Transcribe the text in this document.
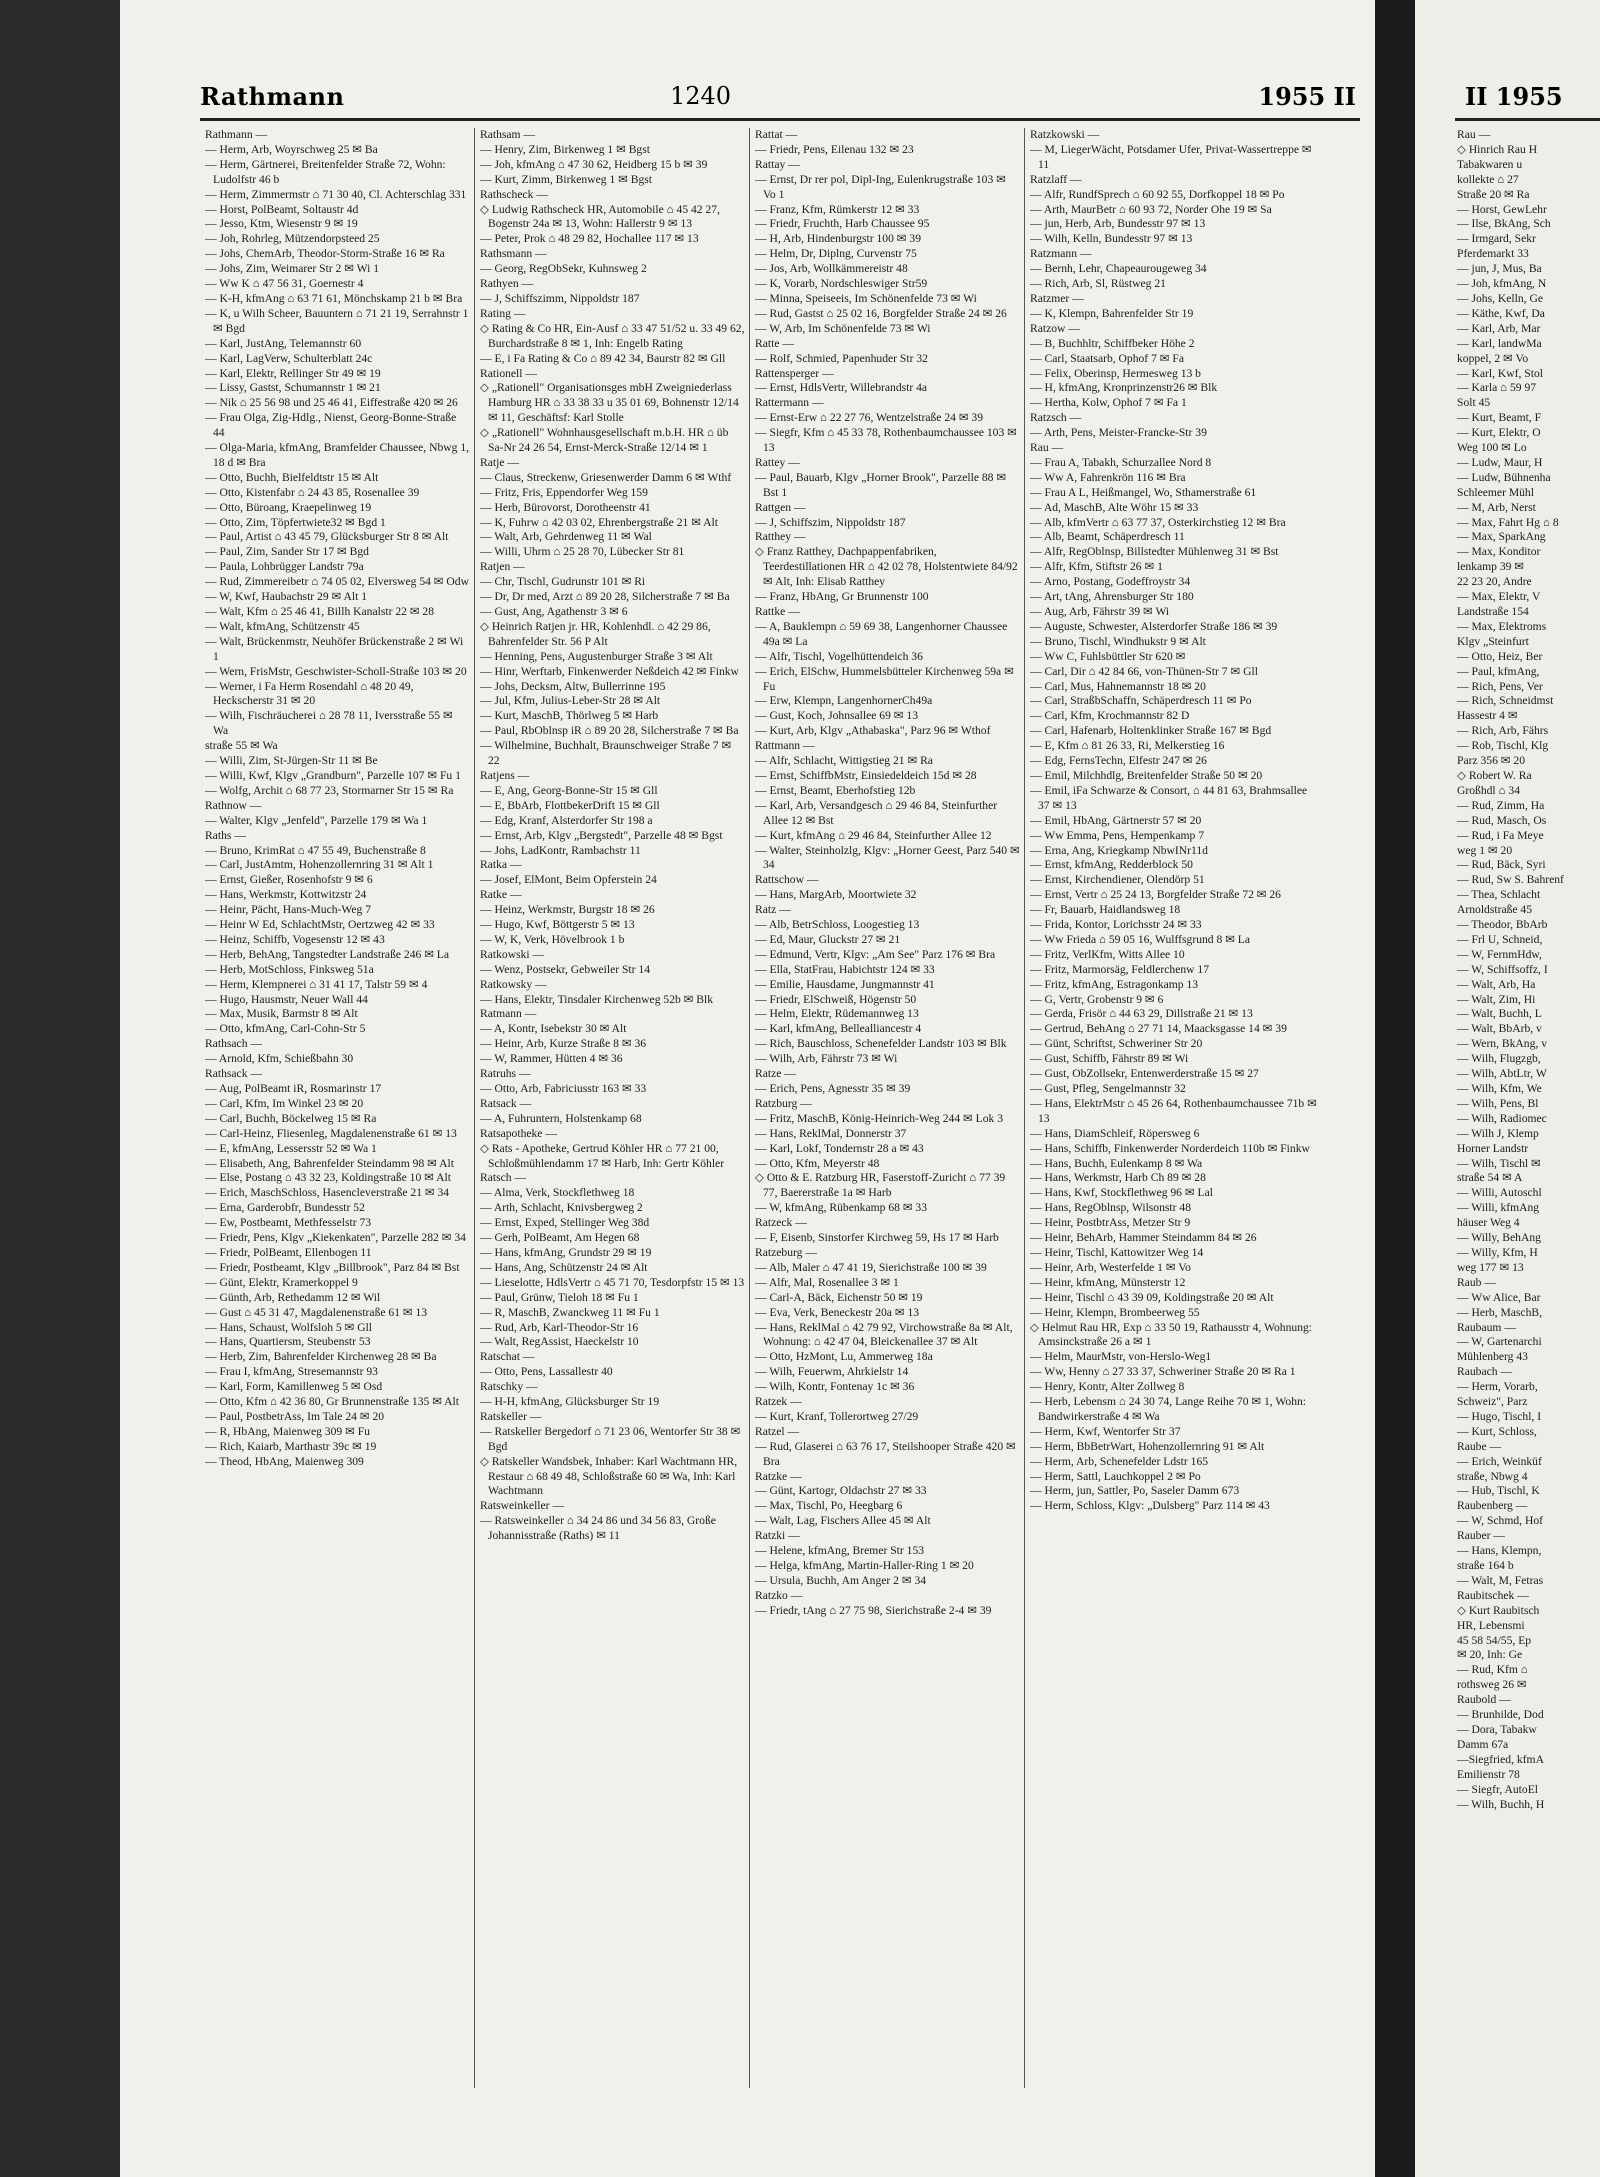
Rathmann	1240	1955 II

Rathmann —

— Herm, Arb, Woyrschweg 25 ✉ Ba

— Herm, Gärtnerei, Breitenfelder Straße 72, Wohn: Ludolfstr 46 b

— Herm, Zimmermstr ⌂ 71 30 40, Cl. Achterschlag 331

— Horst, PolBeamt, Soltaustr 4d

— Jesso, Ktm, Wiesenstr 9 ✉ 19

— Joh, Rohrleg, Mützendorpsteed 25

— Johs, ChemArb, Theodor-Storm-Straße 16 ✉ Ra

— Johs, Zim, Weimarer Str 2 ✉ Wi 1

— Ww K ⌂ 47 56 31, Goernestr 4

— K-H, kfmAng ⌂ 63 71 61, Mönchskamp 21 b ✉ Bra

— K, u Wilh Scheer, Bauuntern ⌂ 71 21 19, Serrahnstr 1 ✉ Bgd

— Karl, JustAng, Telemannstr 60

— Karl, LagVerw, Schulterblatt 24c

— Karl, Elektr, Rellinger Str 49 ✉ 19

— Lissy, Gastst, Schumannstr 1 ✉ 21

— Nik ⌂ 25 56 98 und 25 46 41, Eiffestraße 420 ✉ 26

— Frau Olga, Zig-Hdlg., Nienst, Georg-Bonne-Straße 44

— Olga-Maria, kfmAng, Bramfelder Chaussee, Nbwg 1, 18 d ✉ Bra

— Otto, Buchh, Bielfeldtstr 15 ✉ Alt

— Otto, Kistenfabr ⌂ 24 43 85, Rosenallee 39

— Otto, Büroang, Kraepelinweg 19

— Otto, Zim, Töpfertwiete32 ✉ Bgd 1

— Paul, Artist ⌂ 43 45 79, Glücksburger Str 8 ✉ Alt

— Paul, Zim, Sander Str 17 ✉ Bgd

— Paula, Lohbrügger Landstr 79a

— Rud, Zimmereibetr ⌂ 74 05 02, Elversweg 54 ✉ Odw

— W, Kwf, Haubachstr 29 ✉ Alt 1

— Walt, Kfm ⌂ 25 46 41, Billh Kanalstr 22 ✉ 28

— Walt, kfmAng, Schützenstr 45

— Walt, Brückenmstr, Neuhöfer Brückenstraße 2 ✉ Wi 1

— Wern, FrisMstr, Geschwister-Scholl-Straße 103 ✉ 20

— Werner, i Fa Herm Rosendahl ⌂ 48 20 49, Heckscherstr 31 ✉ 20

— Wilh, Fischräucherei ⌂ 28 78 11, Iversstraße 55 ✉ Wa

straße 55 ✉ Wa

— Willi, Zim, St-Jürgen-Str 11 ✉ Be

— Willi, Kwf, Klgv „Grandburn", Parzelle 107 ✉ Fu 1

— Wolfg, Archit ⌂ 68 77 23, Stormarner Str 15 ✉ Ra

Rathnow —

— Walter, Klgv „Jenfeld", Parzelle 179 ✉ Wa 1

Raths —

— Bruno, KrimRat ⌂ 47 55 49, Buchenstraße 8

— Carl, JustAmtm, Hohenzollernring 31 ✉ Alt 1

— Ernst, Gießer, Rosenhofstr 9 ✉ 6

— Hans, Werkmstr, Kottwitzstr 24

— Heinr, Pächt, Hans-Much-Weg 7

— Heinr W Ed, SchlachtMstr, Oertzweg 42 ✉ 33

— Heinz, Schiffb, Vogesenstr 12 ✉ 43

— Herb, BehAng, Tangstedter Landstraße 246 ✉ La

— Herb, MotSchloss, Finksweg 51a

— Herm, Klempnerei ⌂ 31 41 17, Talstr 59 ✉ 4

— Hugo, Hausmstr, Neuer Wall 44

— Max, Musik, Barmstr 8 ✉ Alt

— Otto, kfmAng, Carl-Cohn-Str 5

Rathsach —

— Arnold, Kfm, Schießbahn 30

Rathsack —

— Aug, PolBeamt iR, Rosmarinstr 17

— Carl, Kfm, Im Winkel 23 ✉ 20

— Carl, Buchh, Böckelweg 15 ✉ Ra

— Carl-Heinz, Fliesenleg, Magdalenenstraße 61 ✉ 13

— E, kfmAng, Lessersstr 52 ✉ Wa 1

— Elisabeth, Ang, Bahrenfelder Steindamm 98 ✉ Alt

— Else, Postang ⌂ 43 32 23, Koldingstraße 10 ✉ Alt

— Erich, MaschSchloss, Hasencleverstraße 21 ✉ 34

— Erna, Garderobfr, Bundesstr 52

— Ew, Postbeamt, Methfesselstr 73

— Friedr, Pens, Klgv „Kiekenkaten", Parzelle 282 ✉ 34

— Friedr, PolBeamt, Ellenbogen 11

— Friedr, Postbeamt, Klgv „Billbrook", Parz 84 ✉ Bst

— Günt, Elektr, Kramerkoppel 9

— Günth, Arb, Rethedamm 12 ✉ Wil

— Gust ⌂ 45 31 47, Magdalenenstraße 61 ✉ 13

— Hans, Schaust, Wolfsloh 5 ✉ Gll

— Hans, Quartiersm, Steubenstr 53

— Herb, Zim, Bahrenfelder Kirchenweg 28 ✉ Ba

— Frau I, kfmAng, Stresemannstr 93

— Karl, Form, Kamillenweg 5 ✉ Osd

— Otto, Kfm ⌂ 42 36 80, Gr Brunnenstraße 135 ✉ Alt

— Paul, PostbetrAss, Im Tale 24 ✉ 20

— R, HbAng, Maienweg 309 ✉ Fu

— Rich, Kaiarb, Marthastr 39c ✉ 19

— Theod, HbAng, Maienweg 309

Rathsam —

— Henry, Zim, Birkenweg 1 ✉ Bgst

— Joh, kfmAng ⌂ 47 30 62, Heidberg 15 b ✉ 39

— Kurt, Zimm, Birkenweg 1 ✉ Bgst

Rathscheck —

◇ Ludwig Rathscheck HR, Automobile ⌂ 45 42 27, Bogenstr 24a ✉ 13, Wohn: Hallerstr 9 ✉ 13

— Peter, Prok ⌂ 48 29 82, Hochallee 117 ✉ 13

Rathsmann —

— Georg, RegObSekr, Kuhnsweg 2

Rathyen —

— J, Schiffszimm, Nippoldstr 187

Rating —

◇ Rating & Co HR, Ein-Ausf ⌂ 33 47 51/52 u. 33 49 62, Burchardstraße 8 ✉ 1, Inh: Engelb Rating

— E, i Fa Rating & Co ⌂ 89 42 34, Baurstr 82 ✉ Gll

Rationell —

◇ „Rationell" Organisationsges mbH Zweigniederlass Hamburg HR ⌂ 33 38 33 u 35 01 69, Bohnenstr 12/14 ✉ 11, Geschäftsf: Karl Stolle

◇ „Rationell" Wohnhausgesellschaft m.b.H. HR ⌂ üb Sa-Nr 24 26 54, Ernst-Merck-Straße 12/14 ✉ 1

Ratje —

— Claus, Streckenw, Griesenwerder Damm 6 ✉ Wthf

— Fritz, Fris, Eppendorfer Weg 159

— Herb, Bürovorst, Dorotheenstr 41

— K, Fuhrw ⌂ 42 03 02, Ehrenbergstraße 21 ✉ Alt

— Walt, Arb, Gehrdenweg 11 ✉ Wal

— Willi, Uhrm ⌂ 25 28 70, Lübecker Str 81

Ratjen —

— Chr, Tischl, Gudrunstr 101 ✉ Ri

— Dr, Dr med, Arzt ⌂ 89 20 28, Silcherstraße 7 ✉ Ba

— Gust, Ang, Agathenstr 3 ✉ 6

◇ Heinrich Ratjen jr. HR, Kohlenhdl. ⌂ 42 29 86, Bahrenfelder Str. 56 P Alt

— Henning, Pens, Augustenburger Straße 3 ✉ Alt

— Hinr, Werftarb, Finkenwerder Neßdeich 42 ✉ Finkw

— Johs, Decksm, Altw, Bullerrinne 195

— Jul, Kfm, Julius-Leber-Str 28 ✉ Alt

— Kurt, MaschB, Thörlweg 5 ✉ Harb

— Paul, RbOblnsp iR ⌂ 89 20 28, Silcherstraße 7 ✉ Ba

— Wilhelmine, Buchhalt, Braunschweiger Straße 7 ✉ 22

Ratjens —

— E, Ang, Georg-Bonne-Str 15 ✉ Gll

— E, BbArb, FlottbekerDrift 15 ✉ Gll

— Edg, Kranf, Alsterdorfer Str 198 a

— Ernst, Arb, Klgv „Bergstedt", Parzelle 48 ✉ Bgst

— Johs, LadKontr, Rambachstr 11

Ratka —

— Josef, ElMont, Beim Opferstein 24

Ratke —

— Heinz, Werkmstr, Burgstr 18 ✉ 26

— Hugo, Kwf, Böttgerstr 5 ✉ 13

— W, K, Verk, Hövelbrook 1 b

Ratkowski —

— Wenz, Postsekr, Gebweiler Str 14

Ratkowsky —

— Hans, Elektr, Tinsdaler Kirchenweg 52b ✉ Blk

Ratmann —

— A, Kontr, Isebekstr 30 ✉ Alt

— Heinr, Arb, Kurze Straße 8 ✉ 36

— W, Rammer, Hütten 4 ✉ 36

Ratruhs —

— Otto, Arb, Fabriciusstr 163 ✉ 33

Ratsack —

— A, Fuhruntern, Holstenkamp 68

Ratsapotheke —

◇ Rats - Apotheke, Gertrud Köhler HR ⌂ 77 21 00, Schloßmühlendamm 17 ✉ Harb, Inh: Gertr Köhler

Ratsch —

— Alma, Verk, Stockflethweg 18

— Arth, Schlacht, Knivsbergweg 2

— Ernst, Exped, Stellinger Weg 38d

— Gerh, PolBeamt, Am Hegen 68

— Hans, kfmAng, Grundstr 29 ✉ 19

— Hans, Ang, Schützenstr 24 ✉ Alt

— Lieselotte, HdlsVertr ⌂ 45 71 70, Tesdorpfstr 15 ✉ 13

— Paul, Grünw, Tieloh 18 ✉ Fu 1

— R, MaschB, Zwanckweg 11 ✉ Fu 1

— Rud, Arb, Karl-Theodor-Str 16

— Walt, RegAssist, Haeckelstr 10

Ratschat —

— Otto, Pens, Lassallestr 40

Ratschky —

— H-H, kfmAng, Glücksburger Str 19

Ratskeller —

— Ratskeller Bergedorf ⌂ 71 23 06, Wentorfer Str 38 ✉ Bgd

◇ Ratskeller Wandsbek, Inhaber: Karl Wachtmann HR, Restaur ⌂ 68 49 48, Schloßstraße 60 ✉ Wa, Inh: Karl Wachtmann

Ratsweinkeller —

— Ratsweinkeller ⌂ 34 24 86 und 34 56 83, Große Johannisstraße (Raths) ✉ 11

Rattat —

— Friedr, Pens, Eilenau 132 ✉ 23

Rattay —

— Ernst, Dr rer pol, Dipl-Ing, Eulenkrugstraße 103 ✉ Vo 1

— Franz, Kfm, Rümkerstr 12 ✉ 33

— Friedr, Fruchth, Harb Chaussee 95

— H, Arb, Hindenburgstr 100 ✉ 39

— Helm, Dr, Diplng, Curvenstr 75

— Jos, Arb, Wollkämmereistr 48

— K, Vorarb, Nordschleswiger Str59

— Minna, Speiseeis, Im Schönenfelde 73 ✉ Wi

— Rud, Gastst ⌂ 25 02 16, Borgfelder Straße 24 ✉ 26

— W, Arb, Im Schönenfelde 73 ✉ Wi

Ratte —

— Rolf, Schmied, Papenhuder Str 32

Rattensperger —

— Ernst, HdlsVertr, Willebrandstr 4a

Rattermann —

— Ernst-Erw ⌂ 22 27 76, Wentzelstraße 24 ✉ 39

— Siegfr, Kfm ⌂ 45 33 78, Rothenbaumchaussee 103 ✉ 13

Rattey —

— Paul, Bauarb, Klgv „Horner Brook", Parzelle 88 ✉ Bst 1

Rattgen —

— J, Schiffszim, Nippoldstr 187

Ratthey —

◇ Franz Ratthey, Dachpappenfabriken, Teerdestillationen HR ⌂ 42 02 78, Holstentwiete 84/92 ✉ Alt, Inh: Elisab Ratthey

— Franz, HbAng, Gr Brunnenstr 100

Rattke —

— A, Bauklempn ⌂ 59 69 38, Langenhorner Chaussee 49a ✉ La

— Alfr, Tischl, Vogelhüttendeich 36

— Erich, ElSchw, Hummelsbütteler Kirchenweg 59a ✉ Fu

— Erw, Klempn, LangenhornerCh49a

— Gust, Koch, Johnsallee 69 ✉ 13

— Kurt, Arb, Klgv „Athabaska", Parz 96 ✉ Wthof

Rattmann —

— Alfr, Schlacht, Wittigstieg 21 ✉ Ra

— Ernst, SchiffbMstr, Einsiedeldeich 15d ✉ 28

— Ernst, Beamt, Eberhofstieg 12b

— Karl, Arb, Versandgesch ⌂ 29 46 84, Steinfurther Allee 12 ✉ Bst

— Kurt, kfmAng ⌂ 29 46 84, Steinfurther Allee 12

— Walter, Steinholzlg, Klgv: „Horner Geest, Parz 540 ✉ 34

Rattschow —

— Hans, MargArb, Moortwiete 32

Ratz —

— Alb, BetrSchloss, Loogestieg 13

— Ed, Maur, Gluckstr 27 ✉ 21

— Edmund, Vertr, Klgv: „Am See" Parz 176 ✉ Bra

— Ella, StatFrau, Habichtstr 124 ✉ 33

— Emilie, Hausdame, Jungmannstr 41

— Friedr, ElSchweiß, Högenstr 50

— Helm, Elektr, Rüdemannweg 13

— Karl, kfmAng, Bellealliancestr 4

— Rich, Bauschloss, Schenefelder Landstr 103 ✉ Blk

— Wilh, Arb, Fährstr 73 ✉ Wi

Ratze —

— Erich, Pens, Agnesstr 35 ✉ 39

Ratzburg —

— Fritz, MaschB, König-Heinrich-Weg 244 ✉ Lok 3

— Hans, ReklMal, Donnerstr 37

— Karl, Lokf, Tondernstr 28 a ✉ 43

— Otto, Kfm, Meyerstr 48

◇ Otto & E. Ratzburg HR, Faserstoff-Zuricht ⌂ 77 39 77, Baererstraße 1a ✉ Harb

— W, kfmAng, Rübenkamp 68 ✉ 33

Ratzeck —

— F, Eisenb, Sinstorfer Kirchweg 59, Hs 17 ✉ Harb

Ratzeburg —

— Alb, Maler ⌂ 47 41 19, Sierichstraße 100 ✉ 39

— Alfr, Mal, Rosenallee 3 ✉ 1

— Carl-A, Bäck, Eichenstr 50 ✉ 19

— Eva, Verk, Beneckestr 20a ✉ 13

— Hans, ReklMal ⌂ 42 79 92, Virchowstraße 8a ✉ Alt, Wohnung: ⌂ 42 47 04, Bleickenallee 37 ✉ Alt

— Otto, HzMont, Lu, Ammerweg 18a

— Wilh, Feuerwm, Ahrkielstr 14

— Wilh, Kontr, Fontenay 1c ✉ 36

Ratzek —

— Kurt, Kranf, Tollerortweg 27/29

Ratzel —

— Rud, Glaserei ⌂ 63 76 17, Steilshooper Straße 420 ✉ Bra

Ratzke —

— Günt, Kartogr, Oldachstr 27 ✉ 33

— Max, Tischl, Po, Heegbarg 6

— Walt, Lag, Fischers Allee 45 ✉ Alt

Ratzki —

— Helene, kfmAng, Bremer Str 153

— Helga, kfmAng, Martin-Haller-Ring 1 ✉ 20

— Ursula, Buchh, Am Anger 2 ✉ 34

Ratzko —

— Friedr, tAng ⌂ 27 75 98, Sierichstraße 2-4 ✉ 39

Ratzkowski —

— M, LiegerWächt, Potsdamer Ufer, Privat-Wassertreppe ✉ 11

Ratzlaff —

— Alfr, RundfSprech ⌂ 60 92 55, Dorfkoppel 18 ✉ Po

— Arth, MaurBetr ⌂ 60 93 72, Norder Ohe 19 ✉ Sa

— jun, Herb, Arb, Bundesstr 97 ✉ 13

— Wilh, Kelln, Bundesstr 97 ✉ 13

Ratzmann —

— Bernh, Lehr, Chapeaurougeweg 34

— Rich, Arb, Sl, Rüstweg 21

Ratzmer —

— K, Klempn, Bahrenfelder Str 19

Ratzow —

— B, Buchhltr, Schiffbeker Höhe 2

— Carl, Staatsarb, Ophof 7 ✉ Fa

— Felix, Oberinsp, Hermesweg 13 b

— H, kfmAng, Kronprinzenstr26 ✉ Blk

— Hertha, Kolw, Ophof 7 ✉ Fa 1

Ratzsch —

— Arth, Pens, Meister-Francke-Str 39

Rau —

— Frau A, Tabakh, Schurzallee Nord 8

— Ww A, Fahrenkrön 116 ✉ Bra

— Frau A L, Heißmangel, Wo, Sthamerstraße 61

— Ad, MaschB, Alte Wöhr 15 ✉ 33

— Alb, kfmVertr ⌂ 63 77 37, Osterkirchstieg 12 ✉ Bra

— Alb, Beamt, Schäperdresch 11

— Alfr, RegOblnsp, Billstedter Mühlenweg 31 ✉ Bst

— Alfr, Kfm, Stiftstr 26 ✉ 1

— Arno, Postang, Godeffroystr 34

— Art, tAng, Ahrensburger Str 180

— Aug, Arb, Fährstr 39 ✉ Wi

— Auguste, Schwester, Alsterdorfer Straße 186 ✉ 39

— Bruno, Tischl, Windhukstr 9 ✉ Alt

— Ww C, Fuhlsbüttler Str 620 ✉

— Carl, Dir ⌂ 42 84 66, von-Thünen-Str 7 ✉ Gll

— Carl, Mus, Hahnemannstr 18 ✉ 20

— Carl, StraßbSchaffn, Schäperdresch 11 ✉ Po

— Carl, Kfm, Krochmannstr 82 D

— Carl, Hafenarb, Holtenklinker Straße 167 ✉ Bgd

— E, Kfm ⌂ 81 26 33, Ri, Melkerstieg 16

— Edg, FernsTechn, Elfestr 247 ✉ 26

— Emil, Milchhdlg, Breitenfelder Straße 50 ✉ 20

— Emil, iFa Schwarze & Consort, ⌂ 44 81 63, Brahmsallee 37 ✉ 13

— Emil, HbAng, Gärtnerstr 57 ✉ 20

— Ww Emma, Pens, Hempenkamp 7

— Erna, Ang, Kriegkamp NbwINr11d

— Ernst, kfmAng, Redderblock 50

— Ernst, Kirchendiener, Olendörp 51

— Ernst, Vertr ⌂ 25 24 13, Borgfelder Straße 72 ✉ 26

— Fr, Bauarb, Haidlandsweg 18

— Frida, Kontor, Lorichsstr 24 ✉ 33

— Ww Frieda ⌂ 59 05 16, Wulffsgrund 8 ✉ La

— Fritz, VerlKfm, Witts Allee 10

— Fritz, Marmorsäg, Feldlerchenw 17

— Fritz, kfmAng, Estragonkamp 13

— G, Vertr, Grobenstr 9 ✉ 6

— Gerda, Frisör ⌂ 44 63 29, Dillstraße 21 ✉ 13

— Gertrud, BehAng ⌂ 27 71 14, Maacksgasse 14 ✉ 39

— Günt, Schriftst, Schweriner Str 20

— Gust, Schiffb, Fährstr 89 ✉ Wi

— Gust, ObZollsekr, Entenwerderstraße 15 ✉ 27

— Gust, Pfleg, Sengelmannstr 32

— Hans, ElektrMstr ⌂ 45 26 64, Rothenbaumchaussee 71b ✉ 13

— Hans, DiamSchleif, Röpersweg 6

— Hans, Schiffb, Finkenwerder Norderdeich 110b ✉ Finkw

— Hans, Buchh, Eulenkamp 8 ✉ Wa

— Hans, Werkmstr, Harb Ch 89 ✉ 28

— Hans, Kwf, Stockflethweg 96 ✉ Lal

— Hans, RegOblnsp, Wilsonstr 48

— Heinr, PostbtrAss, Metzer Str 9

— Heinr, BehArb, Hammer Steindamm 84 ✉ 26

— Heinr, Tischl, Kattowitzer Weg 14

— Heinr, Arb, Westerfelde 1 ✉ Vo

— Heinr, kfmAng, Münsterstr 12

— Heinr, Tischl ⌂ 43 39 09, Koldingstraße 20 ✉ Alt

— Heinr, Klempn, Brombeerweg 55

◇ Helmut Rau HR, Exp ⌂ 33 50 19, Rathausstr 4, Wohnung: Amsinckstraße 26 a ✉ 1

— Helm, MaurMstr, von-Herslo-Weg1

— Ww, Henny ⌂ 27 33 37, Schweriner Straße 20 ✉ Ra 1

— Henry, Kontr, Alter Zollweg 8

— Herb, Lebensm ⌂ 24 30 74, Lange Reihe 70 ✉ 1, Wohn: Bandwirkerstraße 4 ✉ Wa

— Herm, Kwf, Wentorfer Str 37

— Herm, BbBetrWart, Hohenzollernring 91 ✉ Alt

— Herm, Arb, Schenefelder Ldstr 165

— Herm, Sattl, Lauchkoppel 2 ✉ Po

— Herm, jun, Sattler, Po, Saseler Damm 673

— Herm, Schloss, Klgv: „Dulsberg" Parz 114 ✉ 43

II 1955
Rau —
◇ Hinrich Rau H
Tabakwaren u
kollekte ⌂ 27
Straße 20 ✉ Ra
— Horst, GewLehr
— Ilse, BkAng, Sch
— Irmgard, Sekr
Pferdemarkt 33
— jun, J, Mus, Ba
— Joh, kfmAng, N
— Johs, Kelln, Ge
— Käthe, Kwf, Da
— Karl, Arb, Mar
— Karl, landwMa
koppel, 2 ✉ Vo
— Karl, Kwf, Stol
— Karla ⌂ 59 97
Solt 45
— Kurt, Beamt, F
— Kurt, Elektr, O
Weg 100 ✉ Lo
— Ludw, Maur, H
— Ludw, Bühnenha
Schleemer Mühl
— M, Arb, Nerst
— Max, Fahrt Hg ⌂ 8
— Max, SparkAng
— Max, Konditor
lenkamp 39 ✉
22 23 20, Andre
— Max, Elektr, V
Landstraße 154
— Max, Elektroms
Klgv „Steinfurt
— Otto, Heiz, Ber
— Paul, kfmAng,
— Rich, Pens, Ver
— Rich, Schneidmst
Hassestr 4 ✉
— Rich, Arb, Fährs
— Rob, Tischl, Klg
Parz 356 ✉ 20
◇ Robert W. Ra
Großhdl ⌂ 34
— Rud, Zimm, Ha
— Rud, Masch, Os
— Rud, i Fa Meye
weg 1 ✉ 20
— Rud, Bäck, Syri
— Rud, Sw S. Bahrenf
— Thea, Schlacht
Arnoldstraße 45
— Theodor, BbArb
— Frl U, Schneid,
— W, FernmHdw,
— W, Schiffsoffz, I
— Walt, Arb, Ha
— Walt, Zim, Hi
— Walt, Buchh, L
— Walt, BbArb, v
— Wern, BkAng, v
— Wilh, Flugzgb,
— Wilh, AbtLtr, W
— Wilh, Kfm, We
— Wilh, Pens, Bl
— Wilh, Radiomec
— Wilh J, Klemp
Horner Landstr
— Wilh, Tischl ✉
straße 54 ✉ A
— Willi, Autoschl
— Willi, kfmAng
häuser Weg 4
— Willy, BehAng
— Willy, Kfm, H
weg 177 ✉ 13
Raub —
— Ww Alice, Bar
— Herb, MaschB,
Raubaum —
— W, Gartenarchi
Mühlenberg 43
Raubach —
— Herm, Vorarb,
Schweiz", Parz
— Hugo, Tischl, I
— Kurt, Schloss,
Raube —
— Erich, Weinküf
straße, Nbwg 4
— Hub, Tischl, K
Raubenberg —
— W, Schmd, Hof
Rauber —
— Hans, Klempn,
straße 164 b
— Walt, M, Fetras
Raubitschek —
◇ Kurt Raubitsch
HR, Lebensmi
45 58 54/55, Ep
✉ 20, Inh: Ge
— Rud, Kfm ⌂
rothsweg 26 ✉
Raubold —
— Brunhilde, Dod
— Dora, Tabakw
Damm 67a
—Siegfried, kfmA
Emilienstr 78
— Siegfr, AutoEl
— Wilh, Buchh, H
